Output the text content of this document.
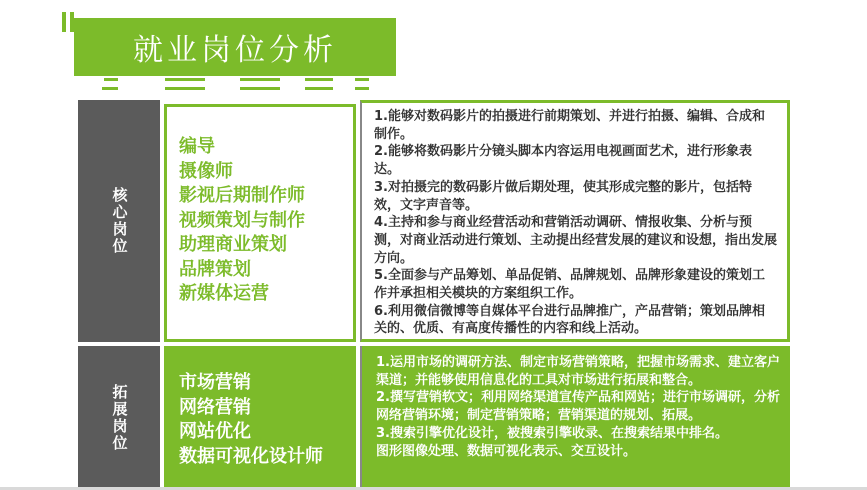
就业岗位分析
核心岗位
编导
摄像师
影视后期制作师
视频策划与制作
助理商业策划
品牌策划
新媒体运营

1.能够对数码影片的拍摄进行前期策划、并进行拍摄、编辑、合成和制作。

2.能够将数码影片分镜头脚本内容运用电视画面艺术，进行形象表达。

3.对拍摄完的数码影片做后期处理，使其形成完整的影片，包括特效，文字声音等。

4.主持和参与商业经营活动和营销活动调研、情报收集、分析与预测，对商业活动进行策划、主动提出经营发展的建议和设想，指出发展方向。

5.全面参与产品筹划、单品促销、品牌规划、品牌形象建设的策划工作并承担相关模块的方案组织工作。

6.利用微信微博等自媒体平台进行品牌推广，产品营销；策划品牌相关的、优质、有高度传播性的内容和线上活动。

拓展岗位
市场营销
网络营销
网站优化
数据可视化设计师

1.运用市场的调研方法、制定市场营销策略，把握市场需求、建立客户渠道；并能够使用信息化的工具对市场进行拓展和整合。

2.撰写营销软文；利用网络渠道宣传产品和网站；进行市场调研，分析网络营销环境；制定营销策略；营销渠道的规划、拓展。

3.搜索引擎优化设计，被搜索引擎收录、在搜索结果中排名。

图形图像处理、数据可视化表示、交互设计。
